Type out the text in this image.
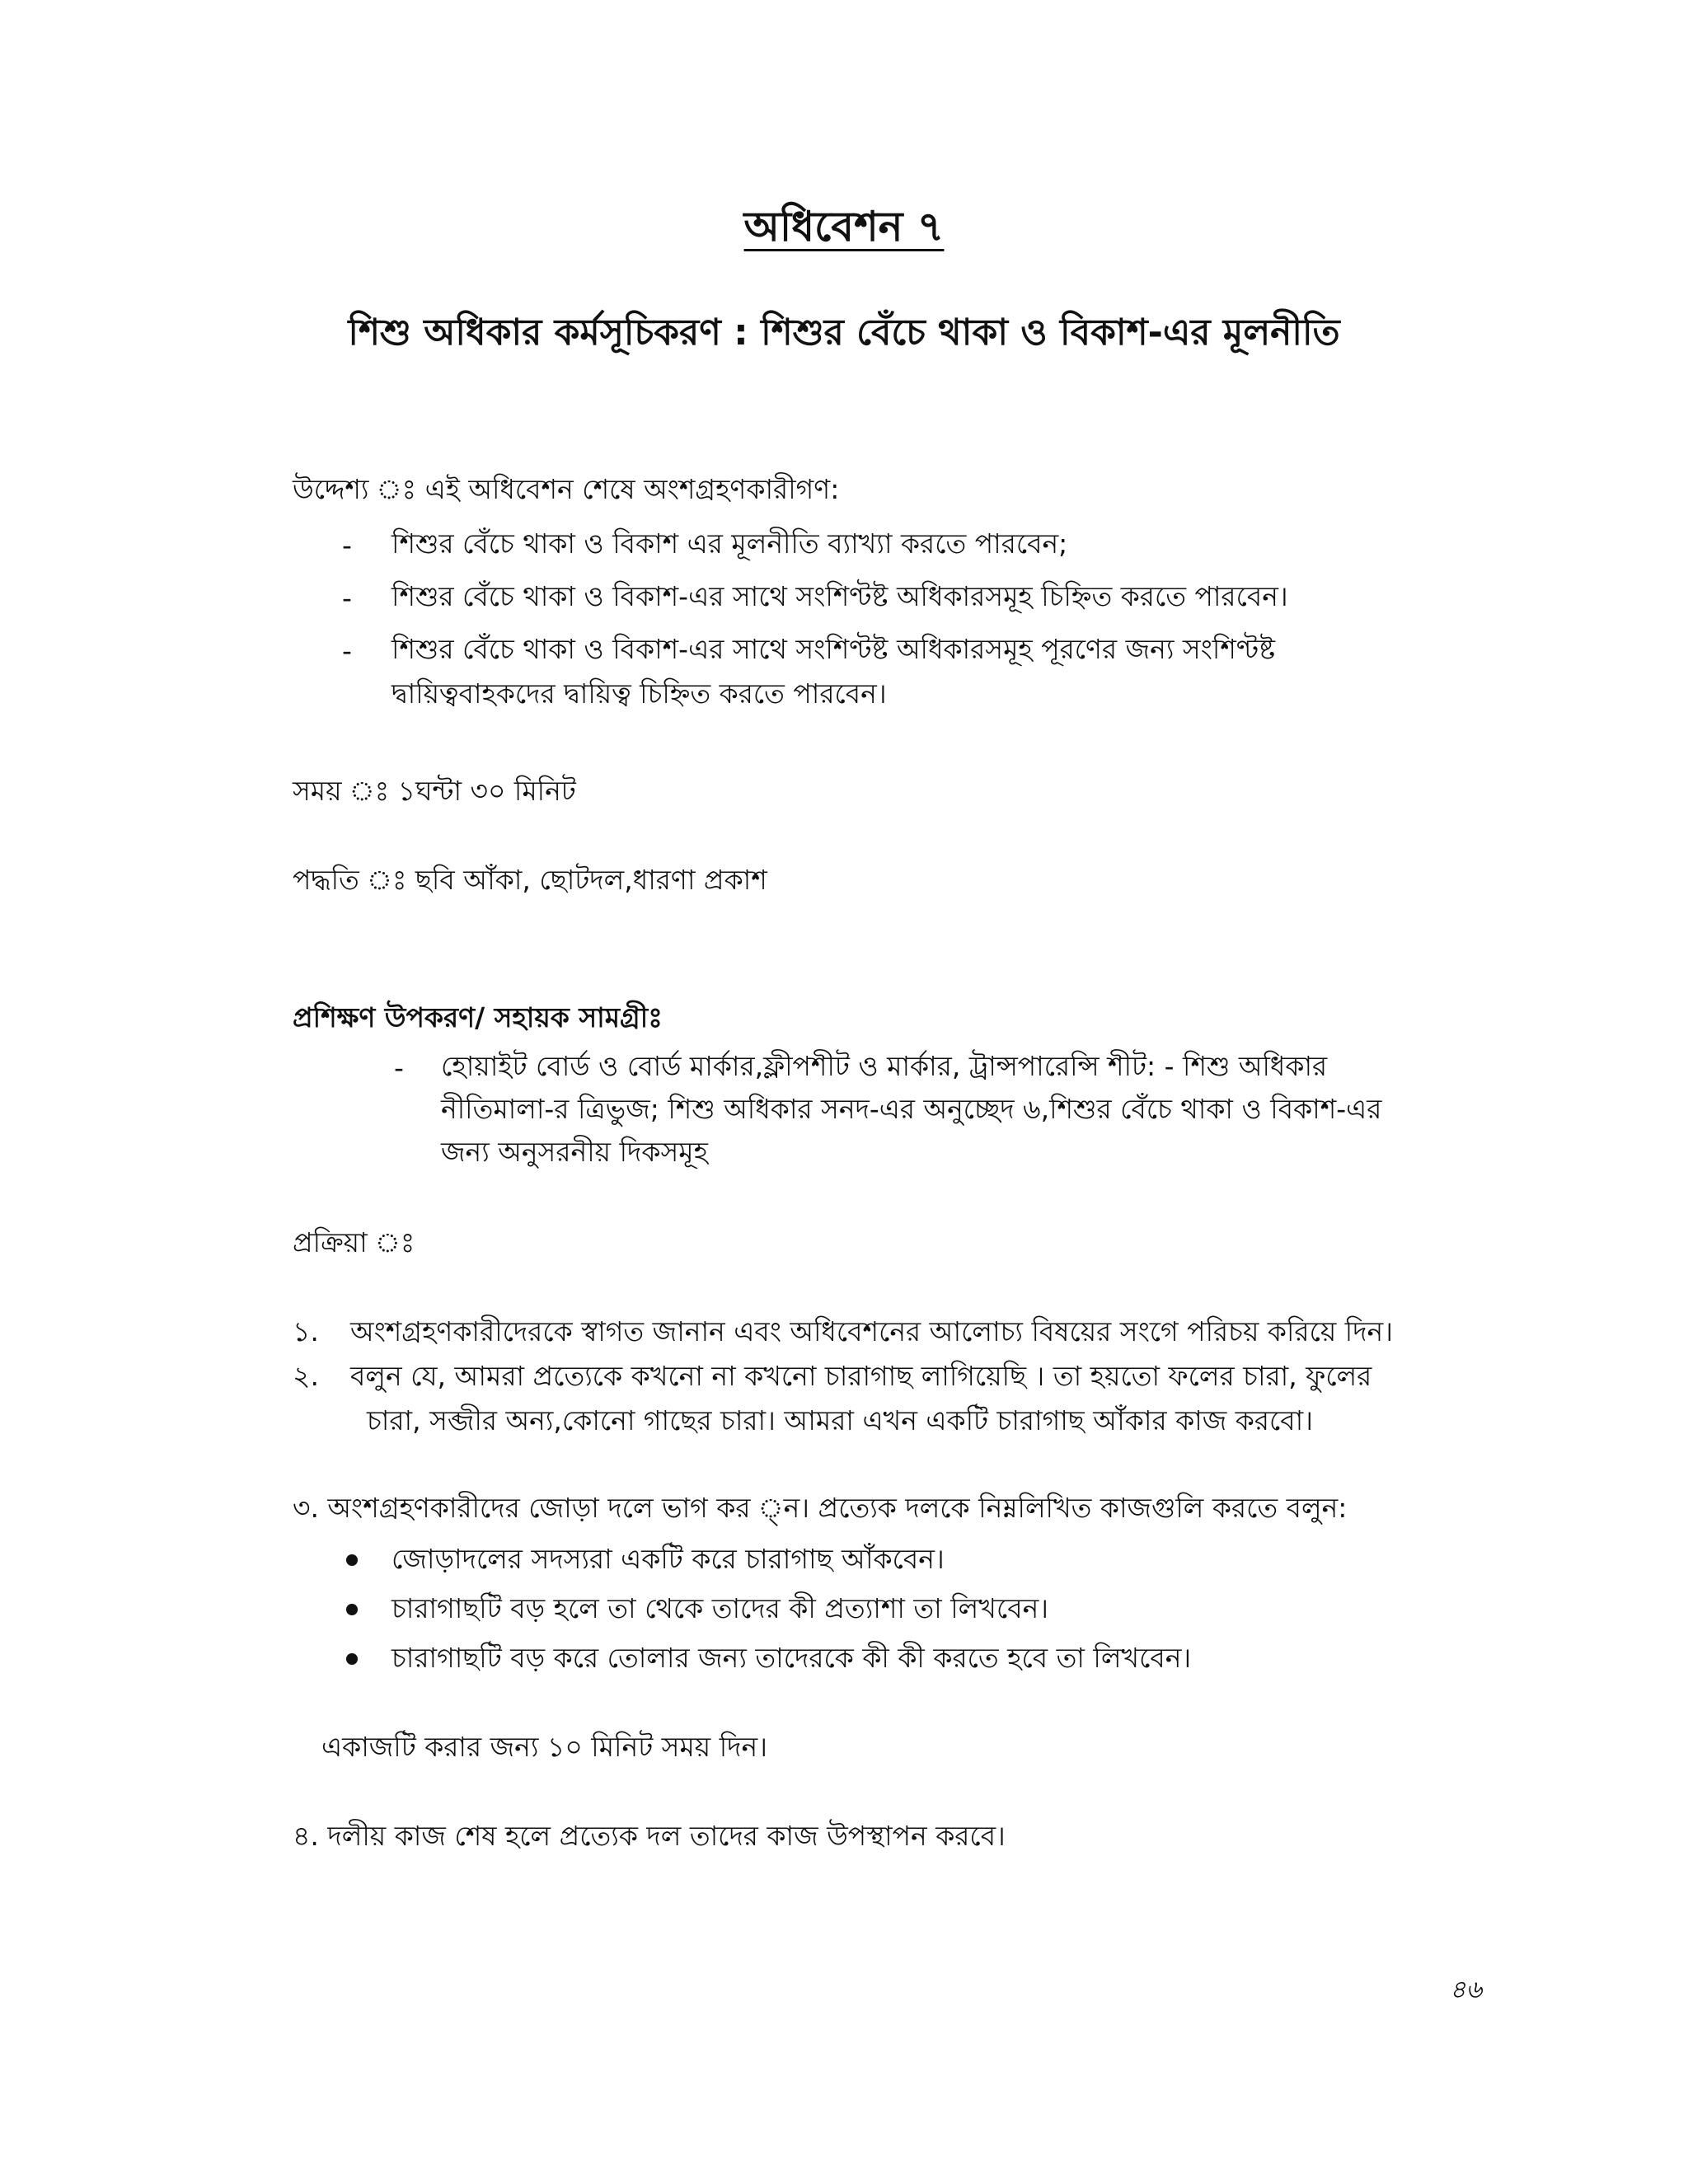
অধিবেশন ৭
শিশু অধিকার কর্মসূচিকরণ : শিশুর বেঁচে থাকা ও বিকাশ-এর মূলনীতি
উদ্দেশ্য ঃ এই অধিবেশন শেষে অংশগ্রহণকারীগণ:
- শিশুর বেঁচে থাকা ও বিকাশ এর মূলনীতি ব্যাখ্যা করতে পারবেন;
- শিশুর বেঁচে থাকা ও বিকাশ-এর সাথে সংশিণ্টষ্ট অধিকারসমূহ চিহ্নিত করতে পারবেন।
- শিশুর বেঁচে থাকা ও বিকাশ-এর সাথে সংশিণ্টষ্ট অধিকারসমূহ পূরণের জন্য সংশিণ্টষ্ট
দ্বায়িত্ববাহকদের দ্বায়িত্ব চিহ্নিত করতে পারবেন।
সময় ঃ ১ঘন্টা ৩০ মিনিট
পদ্ধতি ঃ ছবি আঁকা, ছোটদল,ধারণা প্রকাশ
প্রশিক্ষণ উপকরণ/ সহায়ক সামগ্রীঃ
- হোয়াইট বোর্ড ও বোর্ড মার্কার,ফ্লীপশীট ও মার্কার, ট্রান্সপারেন্সি শীট: - শিশু অধিকার
নীতিমালা-র ত্রিভুজ; শিশু অধিকার সনদ-এর অনুচ্ছেদ ৬,শিশুর বেঁচে থাকা ও বিকাশ-এর
জন্য অনুসরনীয় দিকসমূহ
প্রক্রিয়া ঃ
১. অংশগ্রহণকারীদেরকে স্বাগত জানান এবং অধিবেশনের আলোচ্য বিষয়ের সংগে পরিচয় করিয়ে দিন।
২. বলুন যে, আমরা প্রত্যেকে কখনো না কখনো চারাগাছ লাগিয়েছি । তা হয়তো ফলের চারা, ফুলের
চারা, সব্জীর অন্য,কোনো গাছের চারা। আমরা এখন একটি চারাগাছ আঁকার কাজ করবো।
৩. অংশগ্রহণকারীদের জোড়া দলে ভাগ কর ্ন। প্রত্যেক দলকে নিম্নলিখিত কাজগুলি করতে বলুন:
জোড়াদলের সদস্যরা একটি করে চারাগাছ আঁকবেন।
চারাগাছটি বড় হলে তা থেকে তাদের কী প্রত্যাশা তা লিখবেন।
চারাগাছটি বড় করে তোলার জন্য তাদেরকে কী কী করতে হবে তা লিখবেন।
একাজটি করার জন্য ১০ মিনিট সময় দিন।
৪. দলীয় কাজ শেষ হলে প্রত্যেক দল তাদের কাজ উপস্থাপন করবে।
৪৬
